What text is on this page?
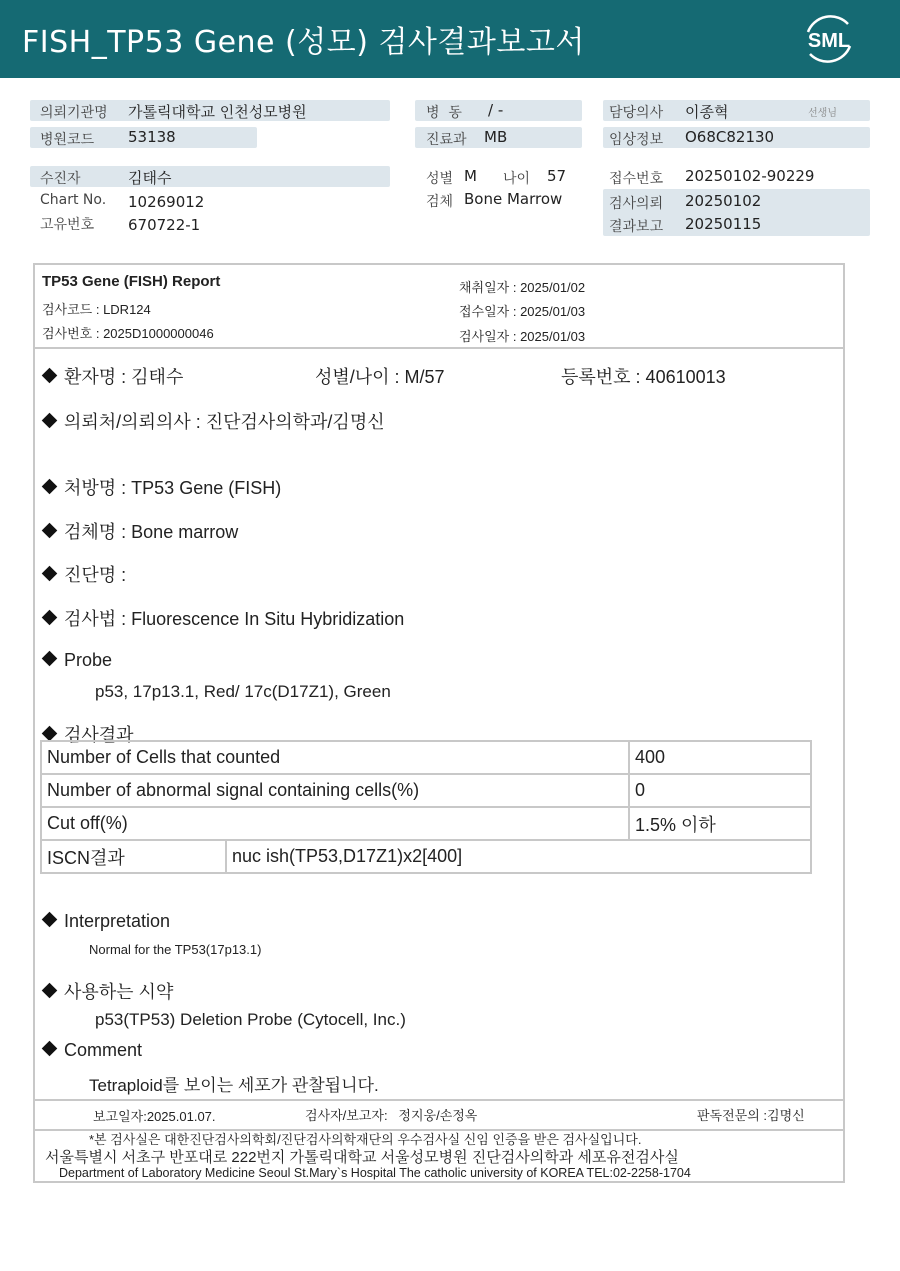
FISH_TP53 Gene (성모) 검사결과보고서	SML
의뢰기관명 가톨릭대학교 인천성모병원
병원코드 53138
수진자	김태수
Chart No. 10269012
고유번호 670722-1
병  동 / -
진료과 MB
성별 M 나이 57
검체 Bone Marrow
담당의사 이종혁	선생님
임상정보 O68C82130
접수번호 20250102-90229
검사의뢰 20250102
결과보고 20250115
TP53 Gene (FISH) Report
검사코드 : LDR124
검사번호 : 2025D1000000046
채취일자 : 2025/01/02
접수일자 : 2025/01/03
검사일자 : 2025/01/03
환자명 : 김태수	성별/나이 : M/57	등록번호 : 40610013
의뢰처/의뢰의사 : 진단검사의학과/김명신
처방명 : TP53 Gene (FISH)
검체명 : Bone marrow
진단명 :
검사법 : Fluorescence In Situ Hybridization
Probe
p53, 17p13.1, Red/ 17c(D17Z1), Green
검사결과
Number of Cells that counted		400
Number of abnormal signal containing cells(%)		0
Cut off(%)		1.5% 이하
ISCN결과	nuc ish(TP53,D17Z1)x2[400]	
Interpretation
Normal for the TP53(17p13.1)
사용하는 시약
p53(TP53) Deletion Probe (Cytocell, Inc.)
Comment
Tetraploid를 보이는 세포가 관찰됩니다.
보고일자:2025.01.07.	검사자/보고자:   정지웅/손정옥	판독전문의 :김명신
*본 검사실은 대한진단검사의학회/진단검사의학재단의 우수검사실 신임 인증을 받은 검사실입니다.
서울특별시 서초구 반포대로 222번지 가톨릭대학교 서울성모병원 진단검사의학과 세포유전검사실
Department of Laboratory Medicine Seoul St.Mary`s Hospital The catholic university of KOREA TEL:02-2258-1704
